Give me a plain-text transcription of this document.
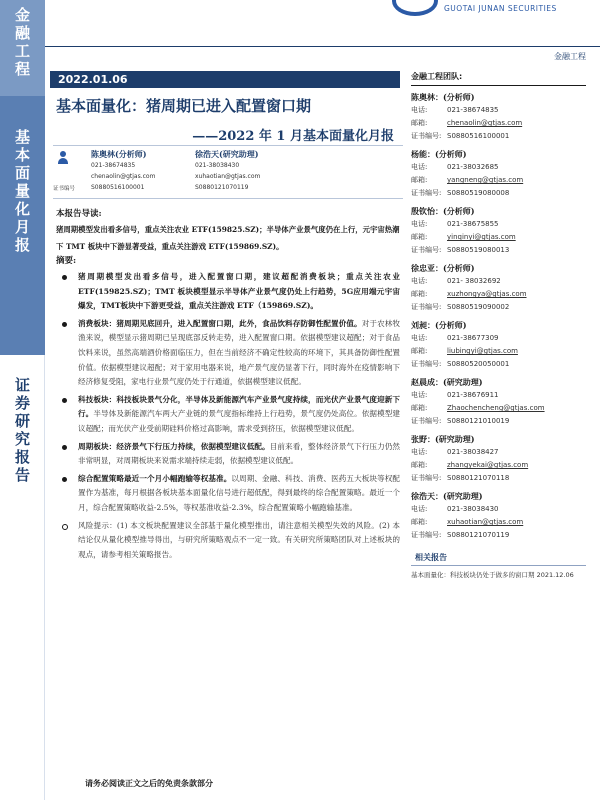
金
融
工
程
基
本
面
量
化
月
报
证
券
研
究
报
告
GUOTAI JUNAN SECURITIES
金融工程
2022.01.06
基本面量化：猪周期已进入配置窗口期
——2022 年 1 月基本面量化月报
证书编号
陈奥林(分析师)
021-38674835
chenaolin@gtjas.com
S0880516100001
徐浩天(研究助理)
021-38038430
xuhaotian@gtjas.com
S0880121070119
本报告导读:
猪周期模型发出看多信号，重点关注农业 ETF(159825.SZ)；半导体产业景气度仍在上行，元宇宙热潮下 TMT 板块中下游显著受益，重点关注游戏 ETF(159869.SZ)。
摘要:
猪周期模型发出看多信号，进入配置窗口期，建议超配消费板块；重点关注农业 ETF(159825.SZ)；TMT 板块模型显示半导体产业景气度仍处上行趋势，5G应用端元宇宙爆发，TMT板块中下游更受益，重点关注游戏 ETF（159869.SZ)。
消费板块：猪周期见底回升，进入配置窗口期，此外，食品饮料存防御性配置价值。对于农林牧渔来说，模型显示猪周期已呈现底部反转走势，进入配置窗口期。依据模型建议超配；对于食品饮料来说，虽然高端酒价格面临压力，但在当前经济不确定性较高的环境下，其具备防御性配置价值。依据模型建议超配；对于家用电器来说，地产景气度仍显著下行，同时海外在疫情影响下经济修复受阻，家电行业景气度仍处于行通道，依据模型建议低配。
科技板块：科技板块景气分化，半导体及新能源汽车产业景气度持续，而光伏产业景气度迎新下行。半导体及新能源汽车两大产业链的景气度指标维持上行趋势，景气度仍处高位。依据模型建议超配；而光伏产业受前期硅料价格过高影响，需求受到挤压，依据模型建议低配。
周期板块：经济景气下行压力持续，依据模型建议低配。目前来看，整体经济景气下行压力仍然非常明显，对周期板块来说需求端持续走弱，依据模型建议低配。
综合配置策略最近一个月小幅跑输等权基准。以周期、金融、科技、消费、医药五大板块等权配置作为基准，每月根据各板块基本面量化信号进行超低配，得到最终的综合配置策略。最近一个月，综合配置策略收益-2.5%，等权基准收益-2.3%，综合配置策略小幅跑输基准。
风险提示：(1) 本文板块配置建议全部基于量化模型推出，请注意相关模型失效的风险。(2) 本结论仅从量化模型推导得出，与研究所策略观点不一定一致。有关研究所策略团队对上述板块的观点，请参考相关策略报告。
金融工程团队:
陈奥林：(分析师)
电话:	021-38674835
邮箱:	chenaolin@gtjas.com
证书编号: S0880516100001
杨能：(分析师)
电话:	021-38032685
邮箱:	yangneng@gtjas.com
证书编号: S0880519080008
殷钦怡：(分析师)
电话:	021-38675855
邮箱:	yinqinyi@gtjas.com
证书编号: S0880519080013
徐忠亚：(分析师)
电话:	021- 38032692
邮箱:	xuzhongya@gtjas.com
证书编号: S0880519090002
刘昶：(分析师)
电话:	021-38677309
邮箱:	liubingyi@gtjas.com
证书编号: S0880520050001
赵晨成：(研究助理)
电话:	021-38676911
邮箱:	Zhaochencheng@gtjas.com
证书编号: S0880121010019
张野：(研究助理)
电话:	021-38038427
邮箱:	zhangyekai@gtjas.com
证书编号: S0880121070118
徐浩天：(研究助理)
电话:	021-38038430
邮箱:	xuhaotian@gtjas.com
证书编号: S0880121070119
相关报告
基本面量化：科技板块仍处于做多的窗口期 2021.12.06
请务必阅读正文之后的免责条款部分
